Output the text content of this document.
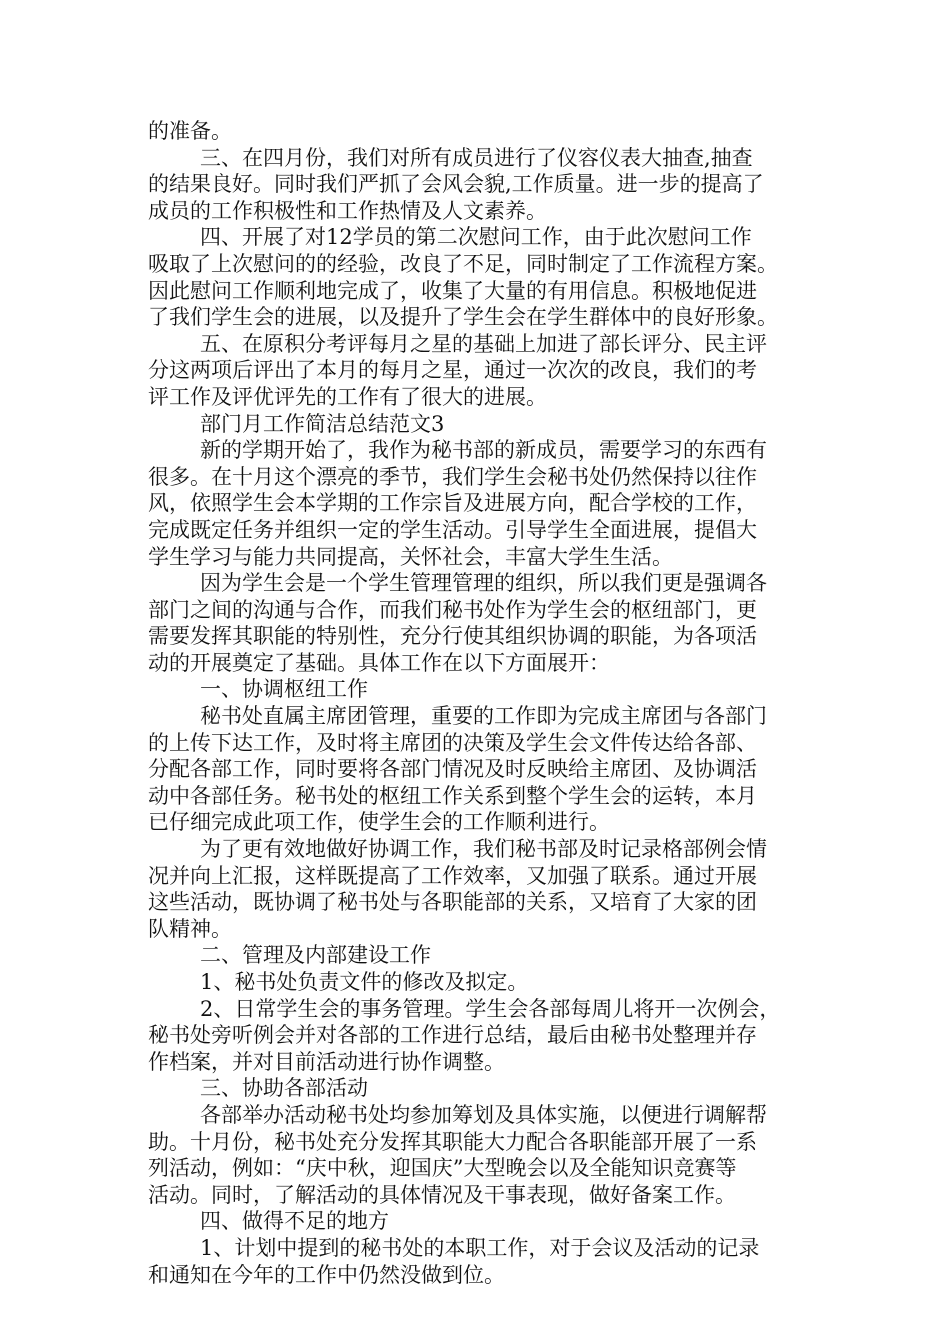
的准备。
三、在四月份，我们对所有成员进行了仪容仪表大抽查,抽查
的结果良好。同时我们严抓了会风会貌,工作质量。进一步的提高了
成员的工作积极性和工作热情及人文素养。
四、开展了对12学员的第二次慰问工作，由于此次慰问工作
吸取了上次慰问的的经验，改良了不足，同时制定了工作流程方案。
因此慰问工作顺利地完成了，收集了大量的有用信息。积极地促进
了我们学生会的进展，以及提升了学生会在学生群体中的良好形象。
五、在原积分考评每月之星的基础上加进了部长评分、民主评
分这两项后评出了本月的每月之星，通过一次次的改良，我们的考
评工作及评优评先的工作有了很大的进展。
部门月工作简洁总结范文3
新的学期开始了，我作为秘书部的新成员，需要学习的东西有
很多。在十月这个漂亮的季节，我们学生会秘书处仍然保持以往作
风，依照学生会本学期的工作宗旨及进展方向，配合学校的工作，
完成既定任务并组织一定的学生活动。引导学生全面进展，提倡大
学生学习与能力共同提高，关怀社会，丰富大学生生活。
因为学生会是一个学生管理管理的组织，所以我们更是强调各
部门之间的沟通与合作，而我们秘书处作为学生会的枢纽部门，更
需要发挥其职能的特别性，充分行使其组织协调的职能，为各项活
动的开展奠定了基础。具体工作在以下方面展开：
一、协调枢纽工作
秘书处直属主席团管理，重要的工作即为完成主席团与各部门
的上传下达工作，及时将主席团的决策及学生会文件传达给各部、
分配各部工作，同时要将各部门情况及时反映给主席团、及协调活
动中各部任务。秘书处的枢纽工作关系到整个学生会的运转，本月
已仔细完成此项工作，使学生会的工作顺利进行。
为了更有效地做好协调工作，我们秘书部及时记录格部例会情
况并向上汇报，这样既提高了工作效率，又加强了联系。通过开展
这些活动，既协调了秘书处与各职能部的关系，又培育了大家的团
队精神。
二、管理及内部建设工作
1、秘书处负责文件的修改及拟定。
2、日常学生会的事务管理。学生会各部每周儿将开一次例会，
秘书处旁听例会并对各部的工作进行总结，最后由秘书处整理并存
作档案，并对目前活动进行协作调整。
三、协助各部活动
各部举办活动秘书处均参加筹划及具体实施，以便进行调解帮
助。十月份，秘书处充分发挥其职能大力配合各职能部开展了一系
列活动，例如：“庆中秋，迎国庆”大型晚会以及全能知识竞赛等
活动。同时，了解活动的具体情况及干事表现，做好备案工作。
四、做得不足的地方
1、计划中提到的秘书处的本职工作，对于会议及活动的记录
和通知在今年的工作中仍然没做到位。
